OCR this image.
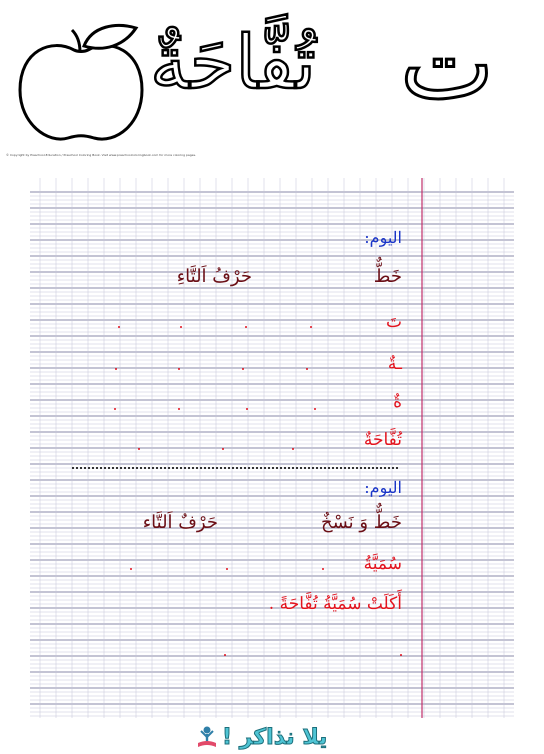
ت
تُفَّاحَةٌ
© Copyright by Preschool-Education / Preschool Coloring Book. Visit www.preschoolcoloringbook.com for more coloring pages.
اليوم:
خَطٌّ
حَرْفُ اَلتَّاءِ
تَ
ـةٌ
ةٌ
تُفَّاحَةٌ
اليوم:
خَطٌّ وَ نَسْخٌ
حَرْفٌ اَلتَّاء
سُمَيَّةُ
أَكَلَتْ سُمَيَّةُ تُفَّاحَةً .
يلا نذاكر !
